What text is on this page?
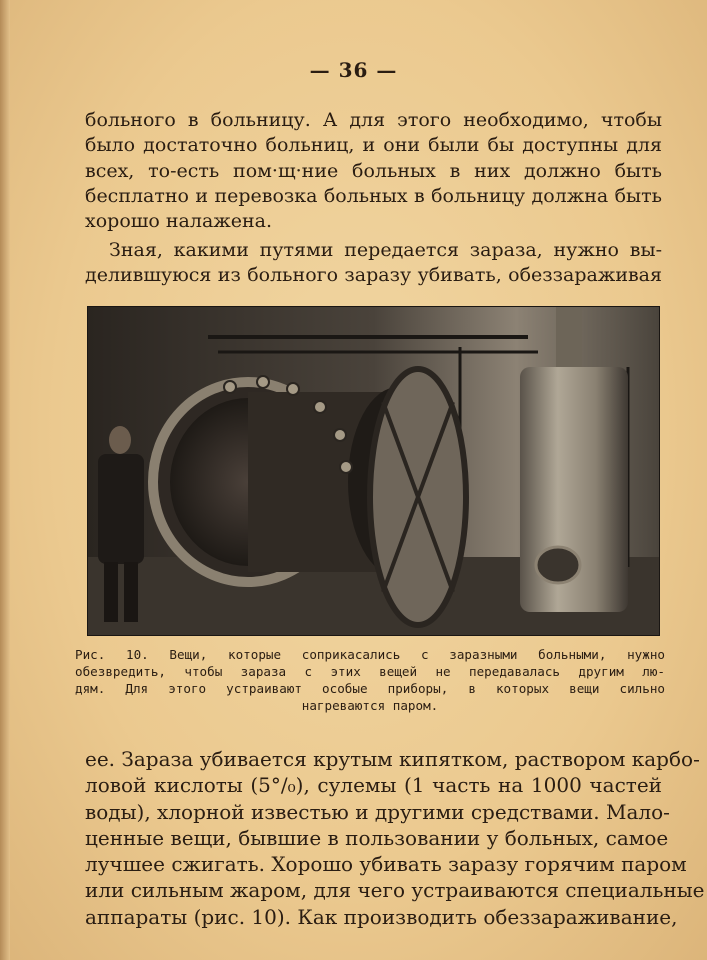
— 36 —
больного в больницу. А для этого необходимо, чтобы
было достаточно больниц, и они были бы доступны для
всех, то-есть пом·щ·ние больных в них должно быть
бесплатно и перевозка больных в больницу должна быть
хорошо налажена.
Зная, какими путями передается зараза, нужно вы-
делившуюся из больного заразу убивать, обеззараживая
Рис. 10. Вещи, которые соприкасались с заразными больными, нужно
обезвредить, чтобы зараза с этих вещей не передавалась другим лю-
дям. Для этого устраивают особые приборы, в которых вещи сильно
нагреваются паром.
ее. Зараза убивается крутым кипятком, раствором карбо-
ловой кислоты (5°/₀), сулемы (1 часть на 1000 частей
воды), хлорной известью и другими средствами. Мало-
ценные вещи, бывшие в пользовании у больных, самое
лучшее сжигать. Хорошо убивать заразу горячим паром
или сильным жаром, для чего устраиваются специальные
аппараты (рис. 10). Как производить обеззараживание,
